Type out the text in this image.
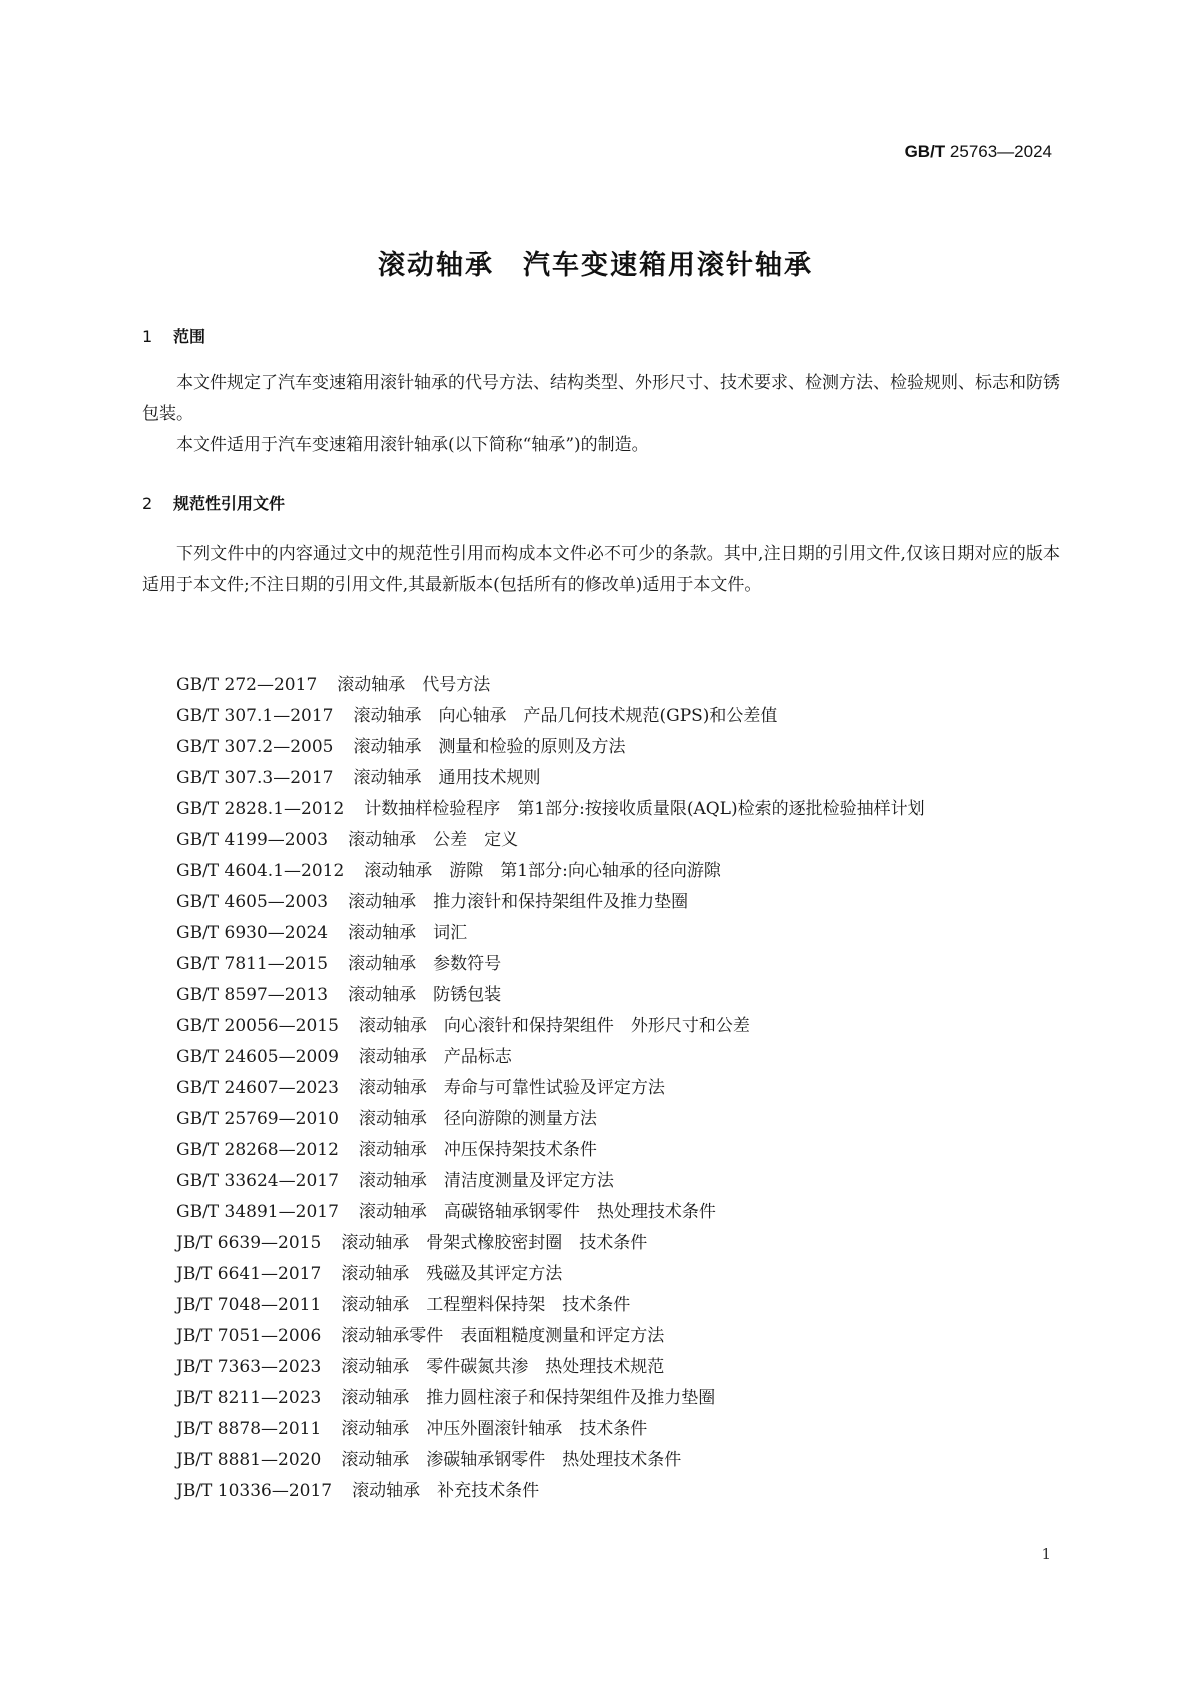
GB/T 25763—2024
滚动轴承　汽车变速箱用滚针轴承
1 范围

本文件规定了汽车变速箱用滚针轴承的代号方法、结构类型、外形尺寸、技术要求、检测方法、检验规则、标志和防锈包装。

本文件适用于汽车变速箱用滚针轴承(以下简称“轴承”)的制造。

2 规范性引用文件

下列文件中的内容通过文中的规范性引用而构成本文件必不可少的条款。其中,注日期的引用文件,仅该日期对应的版本适用于本文件;不注日期的引用文件,其最新版本(包括所有的修改单)适用于本文件。

GB/T 272—2017 滚动轴承　代号方法
GB/T 307.1—2017 滚动轴承　向心轴承　产品几何技术规范(GPS)和公差值
GB/T 307.2—2005 滚动轴承　测量和检验的原则及方法
GB/T 307.3—2017 滚动轴承　通用技术规则
GB/T 2828.1—2012 计数抽样检验程序　第1部分:按接收质量限(AQL)检索的逐批检验抽样计划
GB/T 4199—2003 滚动轴承　公差　定义
GB/T 4604.1—2012 滚动轴承　游隙　第1部分:向心轴承的径向游隙
GB/T 4605—2003 滚动轴承　推力滚针和保持架组件及推力垫圈
GB/T 6930—2024 滚动轴承　词汇
GB/T 7811—2015 滚动轴承　参数符号
GB/T 8597—2013 滚动轴承　防锈包装
GB/T 20056—2015 滚动轴承　向心滚针和保持架组件　外形尺寸和公差
GB/T 24605—2009 滚动轴承　产品标志
GB/T 24607—2023 滚动轴承　寿命与可靠性试验及评定方法
GB/T 25769—2010 滚动轴承　径向游隙的测量方法
GB/T 28268—2012 滚动轴承　冲压保持架技术条件
GB/T 33624—2017 滚动轴承　清洁度测量及评定方法
GB/T 34891—2017 滚动轴承　高碳铬轴承钢零件　热处理技术条件
JB/T 6639—2015 滚动轴承　骨架式橡胶密封圈　技术条件
JB/T 6641—2017 滚动轴承　残磁及其评定方法
JB/T 7048—2011 滚动轴承　工程塑料保持架　技术条件
JB/T 7051—2006 滚动轴承零件　表面粗糙度测量和评定方法
JB/T 7363—2023 滚动轴承　零件碳氮共渗　热处理技术规范
JB/T 8211—2023 滚动轴承　推力圆柱滚子和保持架组件及推力垫圈
JB/T 8878—2011 滚动轴承　冲压外圈滚针轴承　技术条件
JB/T 8881—2020 滚动轴承　渗碳轴承钢零件　热处理技术条件
JB/T 10336—2017 滚动轴承　补充技术条件
1
